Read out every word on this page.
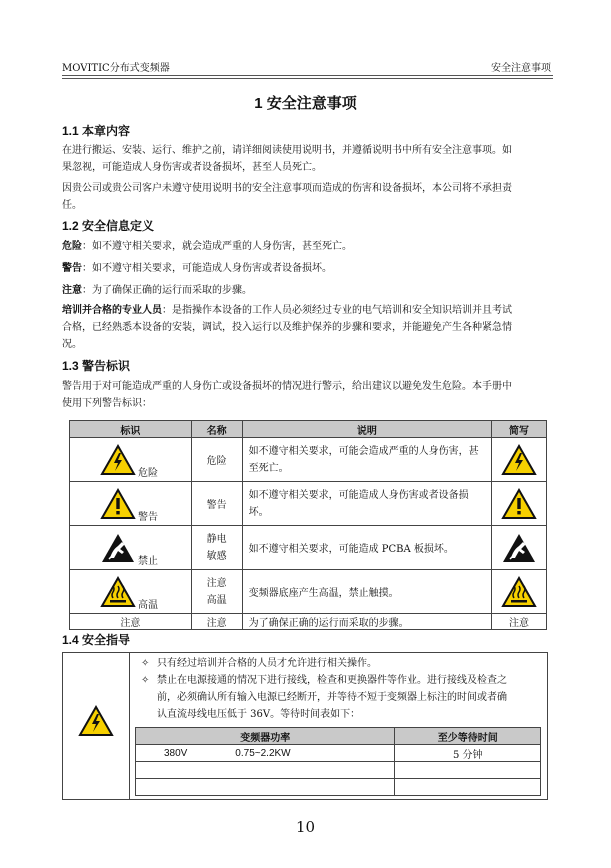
MOVITIC分布式变频器	安全注意事项
1 安全注意事项
1.1 本章内容
在进行搬运、安装、运行、维护之前，请详细阅读使用说明书，并遵循说明书中所有安全注意事项。如
果忽视，可能造成人身伤害或者设备损坏，甚至人员死亡。
因贵公司或贵公司客户未遵守使用说明书的安全注意事项而造成的伤害和设备损坏，本公司将不承担责
任。
1.2 安全信息定义
危险：如不遵守相关要求，就会造成严重的人身伤害，甚至死亡。
警告：如不遵守相关要求，可能造成人身伤害或者设备损坏。
注意：为了确保正确的运行而采取的步骤。
培训并合格的专业人员：是指操作本设备的工作人员必须经过专业的电气培训和安全知识培训并且考试
合格，已经熟悉本设备的安装，调试，投入运行以及维护保养的步骤和要求，并能避免产生各种紧急情
况。
1.3 警告标识
警告用于对可能造成严重的人身伤亡或设备损坏的情况进行警示，给出建议以避免发生危险。本手册中
使用下列警告标识：
标识	名称	说明	简写

危险	危险	如不遵守相关要求，可能会造成严重的人身伤害，甚至死亡。	

警告	警告	如不遵守相关要求，可能造成人身伤害或者设备损坏。	

禁止	静电
敏感	如不遵守相关要求，可能造成 PCBA 板损坏。	

高温	注意
高温	变频器底座产生高温，禁止触摸。	

注意	注意	为了确保正确的运行而采取的步骤。	注意
1.4 安全指导
✧ 只有经过培训并合格的人员才允许进行相关操作。
✧ 禁止在电源接通的情况下进行接线，检查和更换器件等作业。进行接线及检查之
前，必须确认所有输入电源已经断开，并等待不短于变频器上标注的时间或者确
认直流母线电压低于 36V。等待时间表如下：
变频器功率		至少等待时间
380V	0.75~2.2KW	5 分钟

10
